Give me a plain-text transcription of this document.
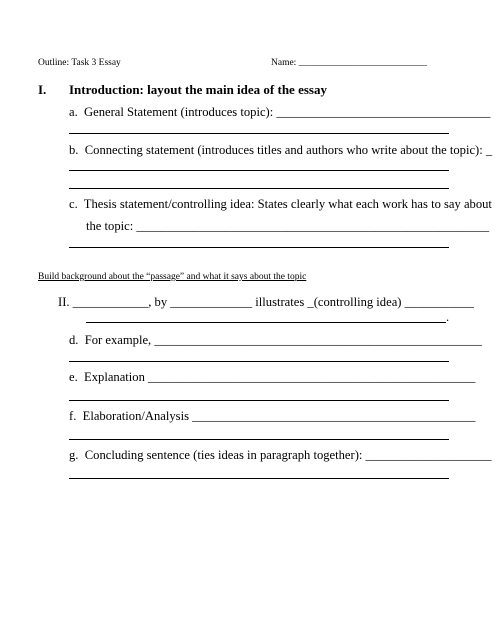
Outline: Task 3 Essay	Name: ___________________________
I. Introduction: layout the main idea of the essay
a.  General Statement (introduces topic): __________________________________
b.  Connecting statement (introduces titles and authors who write about the topic): _
c.  Thesis statement/controlling idea: States clearly what each work has to say about
the topic: ________________________________________________________
Build background about the “passage” and what it says about the topic
II. ____________, by _____________ illustrates _(controlling idea) ___________
.
d.  For example, ____________________________________________________
e.  Explanation ____________________________________________________
f.  Elaboration/Analysis _____________________________________________
g.  Concluding sentence (ties ideas in paragraph together): ____________________
